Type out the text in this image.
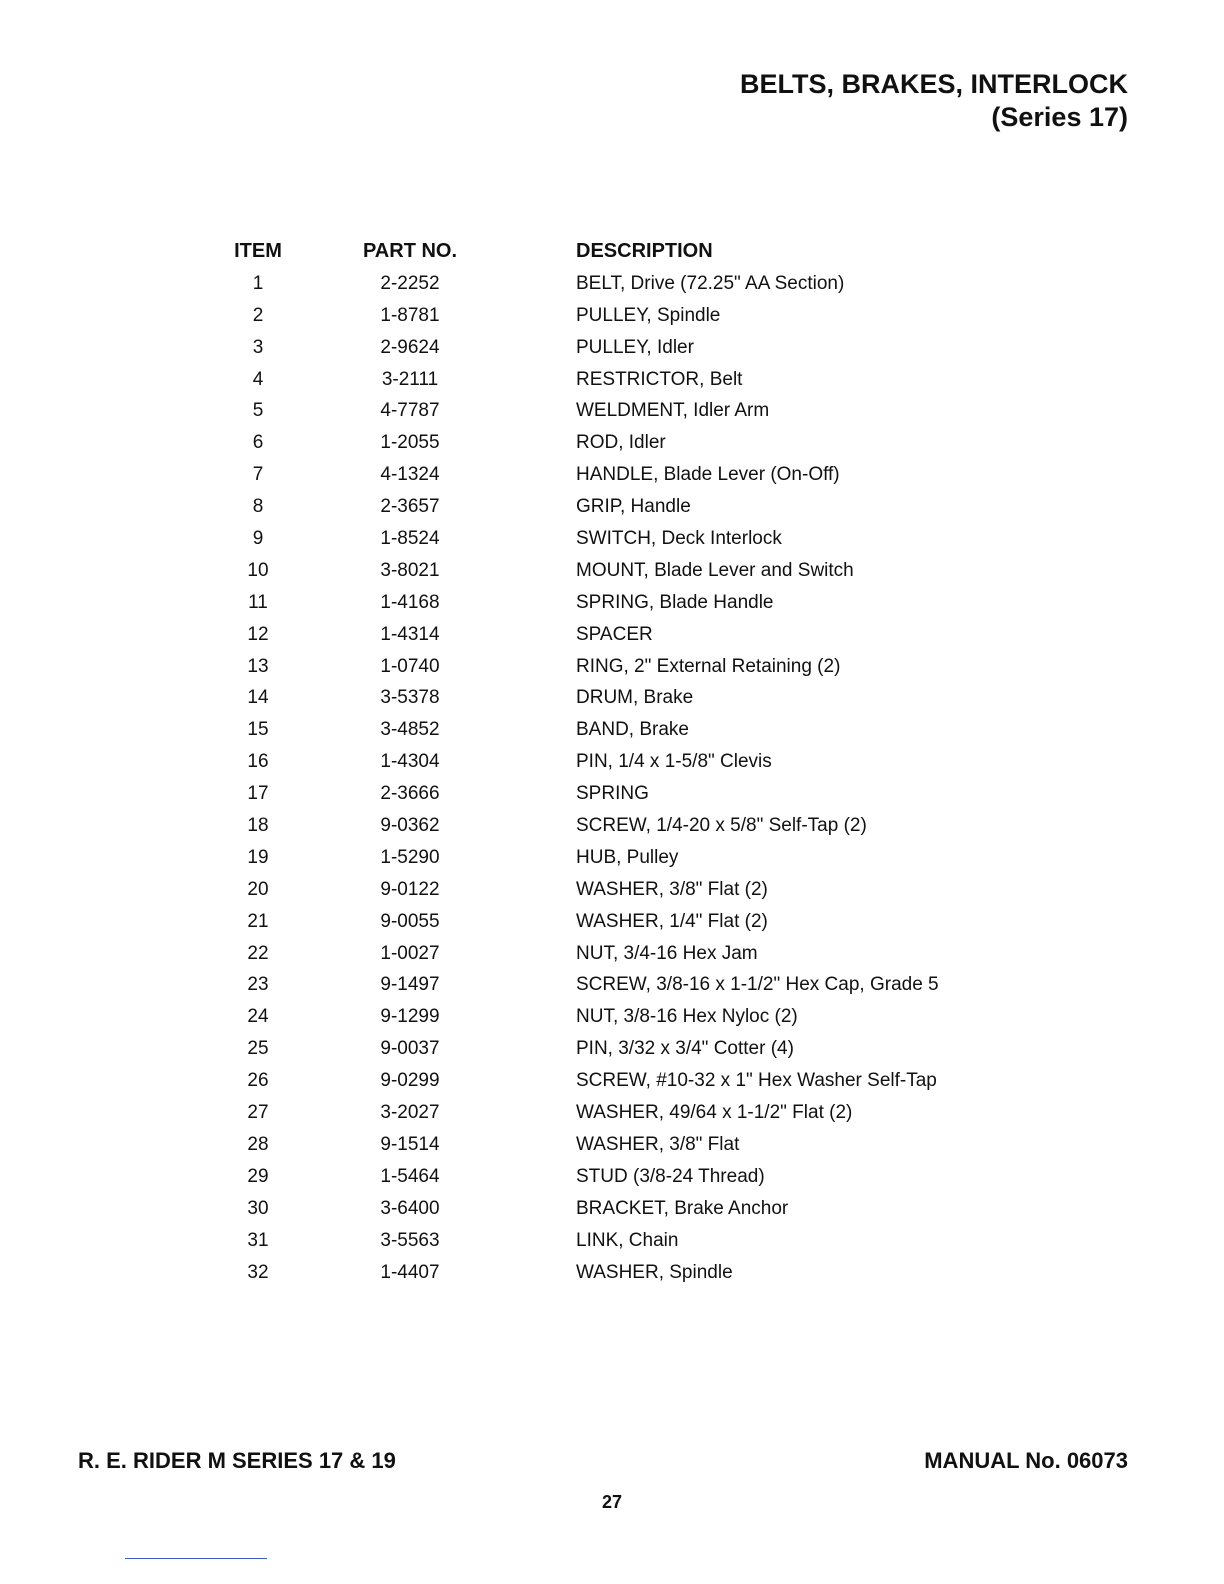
BELTS, BRAKES, INTERLOCK
(Series 17)
ITEM	PART NO.	DESCRIPTION
1	2-2252	BELT, Drive (72.25" AA Section)
2	1-8781	PULLEY, Spindle
3	2-9624	PULLEY, Idler
4	3-2111	RESTRICTOR, Belt
5	4-7787	WELDMENT, Idler Arm
6	1-2055	ROD, Idler
7	4-1324	HANDLE, Blade Lever (On-Off)
8	2-3657	GRIP, Handle
9	1-8524	SWITCH, Deck Interlock
10	3-8021	MOUNT, Blade Lever and Switch
11	1-4168	SPRING, Blade Handle
12	1-4314	SPACER
13	1-0740	RING, 2" External Retaining (2)
14	3-5378	DRUM, Brake
15	3-4852	BAND, Brake
16	1-4304	PIN, 1/4 x 1-5/8" Clevis
17	2-3666	SPRING
18	9-0362	SCREW, 1/4-20 x 5/8" Self-Tap (2)
19	1-5290	HUB, Pulley
20	9-0122	WASHER, 3/8" Flat (2)
21	9-0055	WASHER, 1/4" Flat (2)
22	1-0027	NUT, 3/4-16 Hex Jam
23	9-1497	SCREW, 3/8-16 x 1-1/2" Hex Cap, Grade 5
24	9-1299	NUT, 3/8-16 Hex Nyloc (2)
25	9-0037	PIN, 3/32 x 3/4" Cotter (4)
26	9-0299	SCREW, #10-32 x 1" Hex Washer Self-Tap
27	3-2027	WASHER, 49/64 x 1-1/2" Flat (2)
28	9-1514	WASHER, 3/8" Flat
29	1-5464	STUD (3/8-24 Thread)
30	3-6400	BRACKET, Brake Anchor
31	3-5563	LINK, Chain
32	1-4407	WASHER, Spindle
R. E. RIDER M SERIES 17 & 19	MANUAL No. 06073
27
